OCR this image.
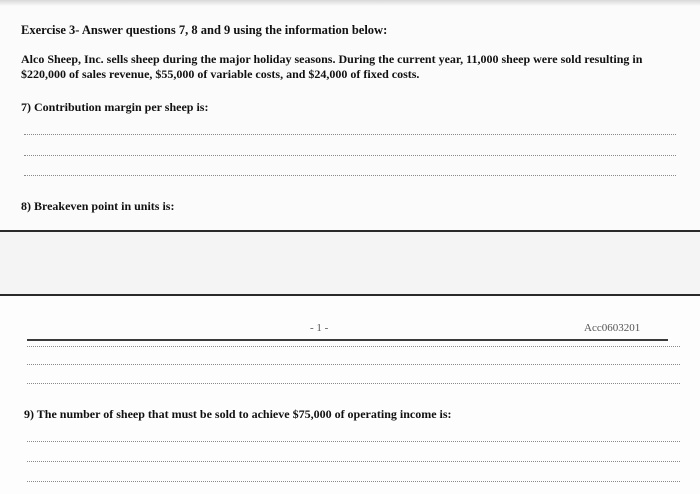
Exercise 3- Answer questions 7, 8 and 9 using the information below:
Alco Sheep, Inc. sells sheep during the major holiday seasons. During the current year, 11,000 sheep were sold resulting in $220,000 of sales revenue, $55,000 of variable costs, and $24,000 of fixed costs.
7) Contribution margin per sheep is:
8) Breakeven point in units is:
- 1 -	Acc0603201
9) The number of sheep that must be sold to achieve $75,000 of operating income is:
